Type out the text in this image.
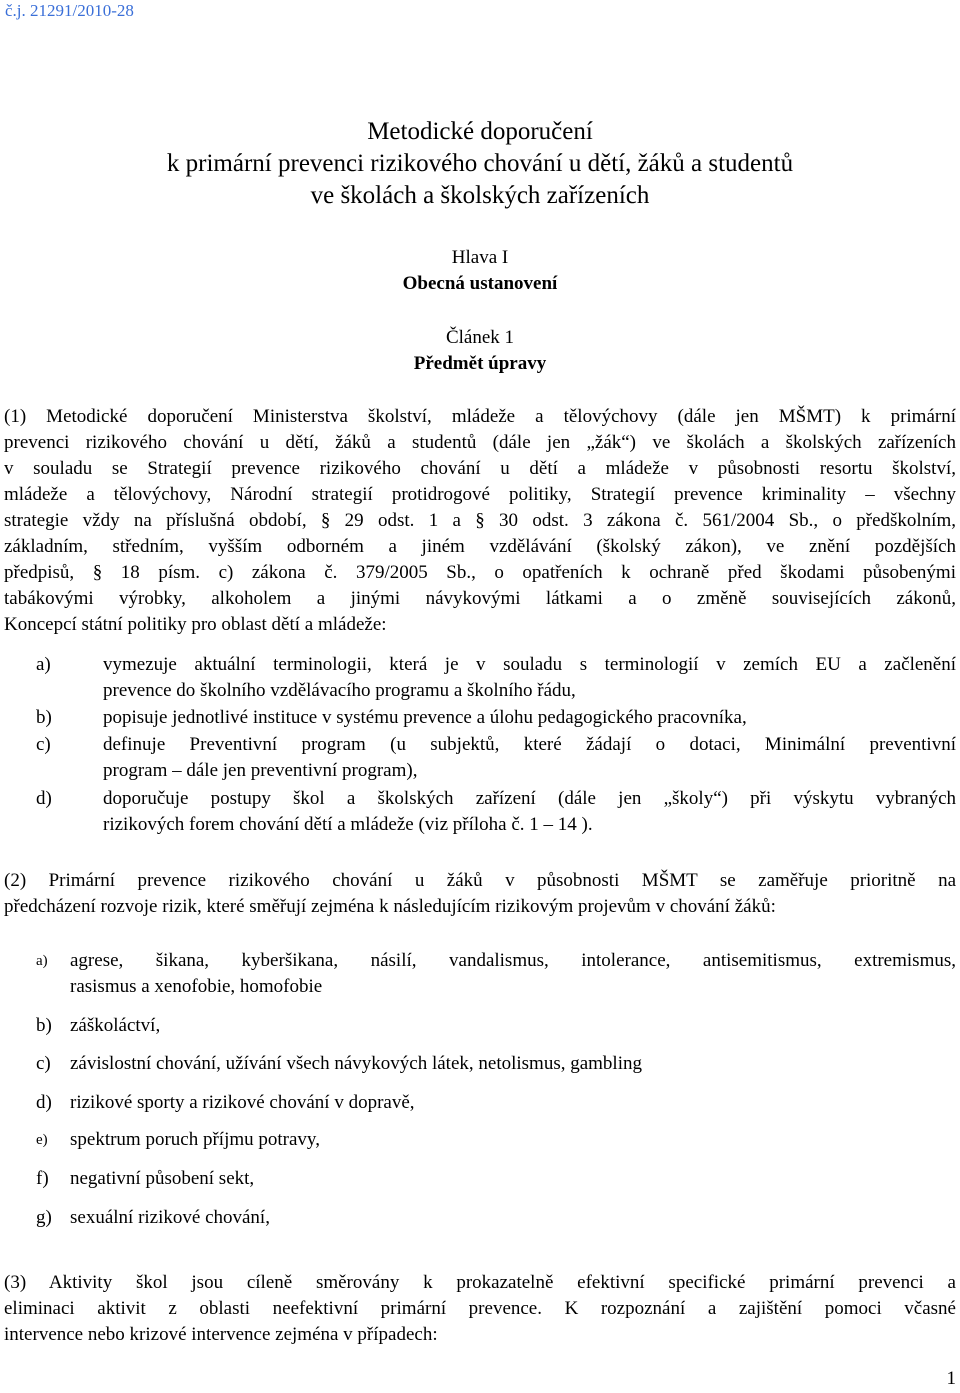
č.j. 21291/2010-28
Metodické doporučení
k primární prevenci rizikového chování u dětí, žáků a studentů
ve školách a školských zařízeních
Hlava I
Obecná ustanovení
Článek 1
Předmět úpravy
(1) Metodické doporučení Ministerstva školství, mládeže a tělovýchovy (dále jen MŠMT) k primární
prevenci rizikového chování u dětí, žáků a studentů (dále jen „žák“) ve školách a školských zařízeních
v souladu se Strategií prevence rizikového chování u dětí a mládeže v působnosti resortu školství,
mládeže a tělovýchovy, Národní strategií protidrogové politiky, Strategií prevence kriminality – všechny
strategie vždy na příslušná období, § 29 odst. 1 a § 30 odst. 3 zákona č. 561/2004 Sb., o předškolním,
základním, středním, vyšším odborném a jiném vzdělávání (školský zákon), ve znění pozdějších
předpisů, § 18 písm. c) zákona č. 379/2005 Sb., o opatřeních k ochraně před škodami působenými
tabákovými výrobky, alkoholem a jinými návykovými látkami a o změně souvisejících zákonů,
Koncepcí státní politiky pro oblast dětí a mládeže:
a)	vymezuje aktuální terminologii, která je v souladu s terminologií v zemích EU a začlenění
prevence do školního vzdělávacího programu a školního řádu,
b)	popisuje jednotlivé instituce v systému prevence a úlohu pedagogického pracovníka,
c)	definuje Preventivní program (u subjektů, které žádají o dotaci, Minimální preventivní
program – dále jen preventivní program),
d)	doporučuje postupy škol a školských zařízení (dále jen „školy“) při výskytu vybraných
rizikových forem chování dětí a mládeže (viz příloha č. 1 – 14 ).
(2) Primární prevence rizikového chování u žáků v působnosti MŠMT se zaměřuje prioritně na
předcházení rozvoje rizik, které směřují zejména k následujícím rizikovým projevům v chování žáků:
a) agrese, šikana, kyberšikana, násilí, vandalismus, intolerance, antisemitismus, extremismus,
rasismus a xenofobie, homofobie
b) záškoláctví,
c) závislostní chování, užívání všech návykových látek, netolismus, gambling
d) rizikové sporty a rizikové chování v dopravě,
e) spektrum poruch příjmu potravy,
f) negativní působení sekt,
g) sexuální rizikové chování,
(3) Aktivity škol jsou cíleně směrovány k prokazatelně efektivní specifické primární prevenci a
eliminaci aktivit z oblasti neefektivní primární prevence. K rozpoznání a zajištění pomoci včasné
intervence nebo krizové intervence zejména v případech:
1
